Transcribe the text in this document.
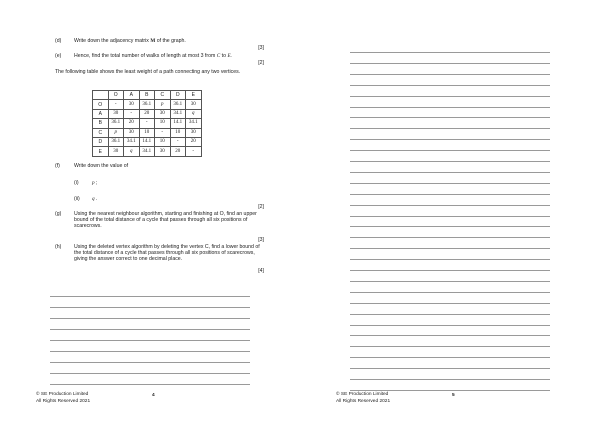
(d) Write down the adjacency matrix M of the graph.
[3]
(e) Hence, find the total number of walks of length at most 3 from C to E.
[2]
The following table shows the least weight of a path connecting any two vertices.
	O	A	B	C	D	E
O	-	30	36.1	p	36.1	30
A	30	-	20	30	34.1	q
B	36.1	20	-	10	14.1	34.1
C	p	30	10	-	10	30
D	36.1	34.1	14.1	10	-	20
E	30	q	34.1	30	20	-
(f)	Write down the value of
(i)	p ;
(ii) q .
[2]
(g) Using the nearest neighbour algorithm, starting and finishing at O, find an upper bound of the total distance of a cycle that passes through all six positions of scarecrows.
[3]
(h) Using the deleted vertex algorithm by deleting the vertex C, find a lower bound of the total distance of a cycle that passes through all six positions of scarecrows, giving the answer correct to one decimal place.
[4]
© SE Production Limited
All Rights Reserved 2021
4	© SE Production Limited
All Rights Reserved 2021
5
